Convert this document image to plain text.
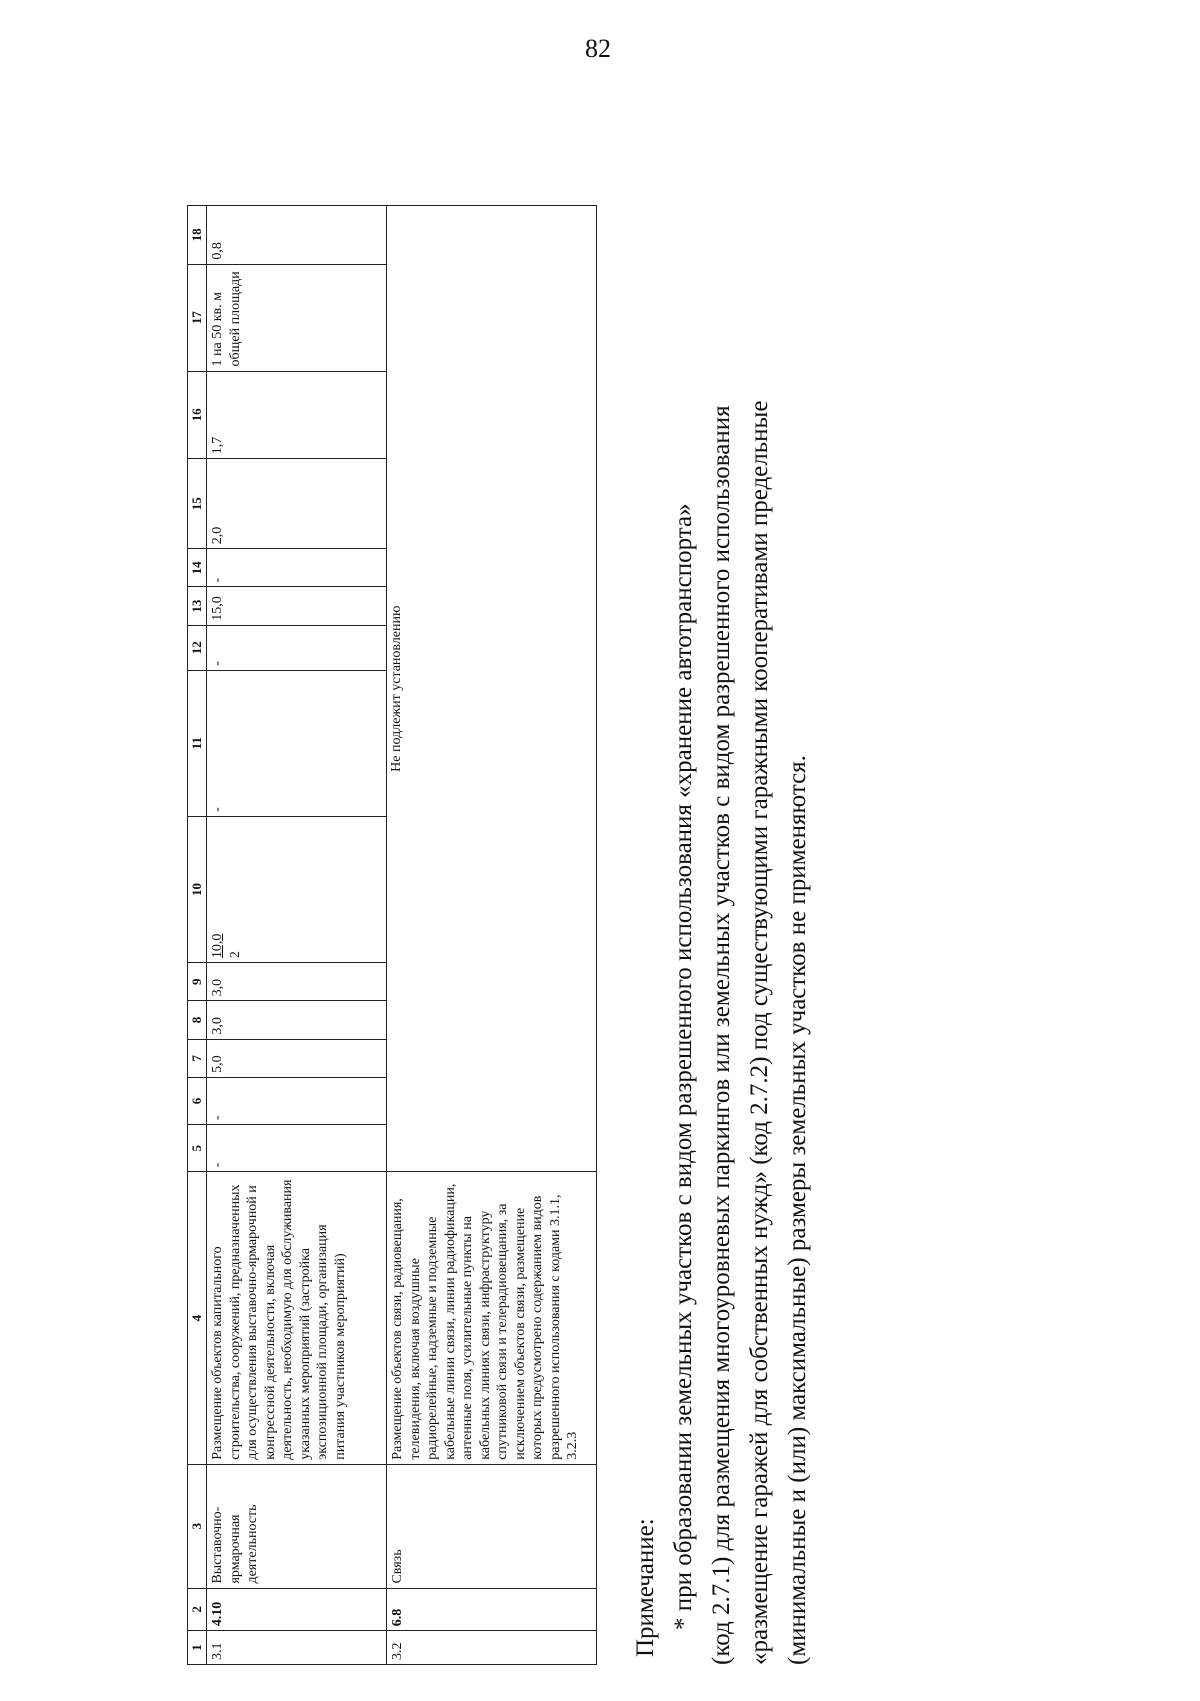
82
1	2	3	4	5	6	7	8	9	10	11	12	13	14	15	16	17	18
3.1	4.10	Выставочно-ярмарочная деятельность	Размещение объектов капитального строительства, сооружений, предназначенных для осуществления выставочно-ярмарочной и конгрессной деятельности, включая деятельность, необходимую для обслуживания указанных мероприятий (застройка экспозиционной площади, организация питания участников мероприятий)	-	-	5,0	3,0	3,0	10,0 2	-	-	15,0	-	2,0	1,7	1 на 50 кв. м общей площади	0,8
3.2	6.8	Связь	Размещение объектов связи, радиовещания, телевидения, включая воздушные радиорелейные, надземные и подземные кабельные линии связи, линии радиофикации, антенные поля, усилительные пункты на кабельных линиях связи, инфраструктуру спутниковой связи и телерадиовещания, за исключением объектов связи, размещение которых предусмотрено содержанием видов разрешенного использования с кодами 3.1.1, 3.2.3	Не подлежит установлению													

Примечание: * при образовании земельных участков с видом разрешенного использования «хранение автотранспорта» (код 2.7.1) для размещения многоуровневых паркингов или земельных участков с видом разрешенного использования «размещение гаражей для собственных нужд» (код 2.7.2) под существующими гаражными кооперативами предельные (минимальные и (или) максимальные) размеры земельных участков не применяются.
